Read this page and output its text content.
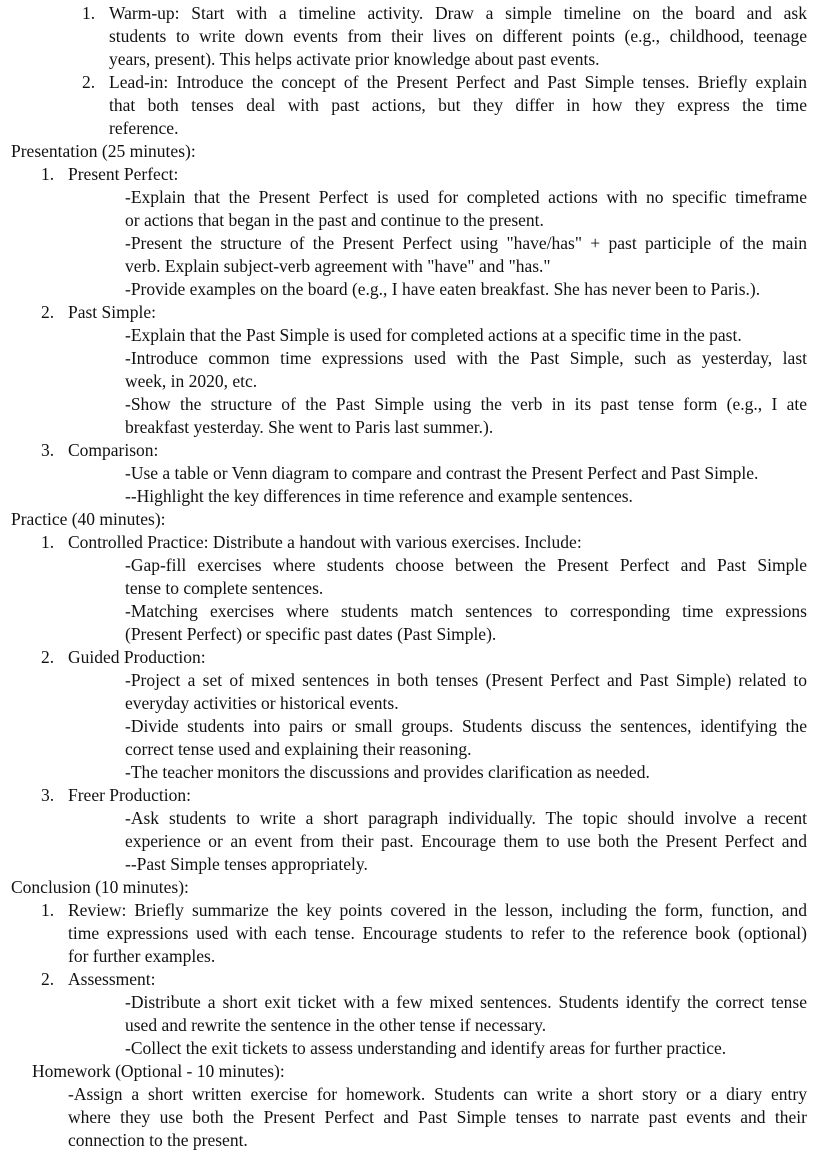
1. Warm-up: Start with a timeline activity. Draw a simple timeline on the board and ask
students to write down events from their lives on different points (e.g., childhood, teenage
years, present). This helps activate prior knowledge about past events.
2. Lead-in: Introduce the concept of the Present Perfect and Past Simple tenses. Briefly explain
that both tenses deal with past actions, but they differ in how they express the time
reference.
Presentation (25 minutes):
1. Present Perfect:
-Explain that the Present Perfect is used for completed actions with no specific timeframe
or actions that began in the past and continue to the present.
-Present the structure of the Present Perfect using "have/has" + past participle of the main
verb. Explain subject-verb agreement with "have" and "has."
-Provide examples on the board (e.g., I have eaten breakfast. She has never been to Paris.).
2. Past Simple:
-Explain that the Past Simple is used for completed actions at a specific time in the past.
-Introduce common time expressions used with the Past Simple, such as yesterday, last
week, in 2020, etc.
-Show the structure of the Past Simple using the verb in its past tense form (e.g., I ate
breakfast yesterday. She went to Paris last summer.).
3. Comparison:
-Use a table or Venn diagram to compare and contrast the Present Perfect and Past Simple.
--Highlight the key differences in time reference and example sentences.
Practice (40 minutes):
1. Controlled Practice: Distribute a handout with various exercises. Include:
-Gap-fill exercises where students choose between the Present Perfect and Past Simple
tense to complete sentences.
-Matching exercises where students match sentences to corresponding time expressions
(Present Perfect) or specific past dates (Past Simple).
2. Guided Production:
-Project a set of mixed sentences in both tenses (Present Perfect and Past Simple) related to
everyday activities or historical events.
-Divide students into pairs or small groups. Students discuss the sentences, identifying the
correct tense used and explaining their reasoning.
-The teacher monitors the discussions and provides clarification as needed.
3. Freer Production:
-Ask students to write a short paragraph individually. The topic should involve a recent
experience or an event from their past. Encourage them to use both the Present Perfect and
--Past Simple tenses appropriately.
Conclusion (10 minutes):
1. Review: Briefly summarize the key points covered in the lesson, including the form, function, and
time expressions used with each tense. Encourage students to refer to the reference book (optional)
for further examples.
2. Assessment:
-Distribute a short exit ticket with a few mixed sentences. Students identify the correct tense
used and rewrite the sentence in the other tense if necessary.
-Collect the exit tickets to assess understanding and identify areas for further practice.
Homework (Optional - 10 minutes):
-Assign a short written exercise for homework. Students can write a short story or a diary entry
where they use both the Present Perfect and Past Simple tenses to narrate past events and their
connection to the present.
